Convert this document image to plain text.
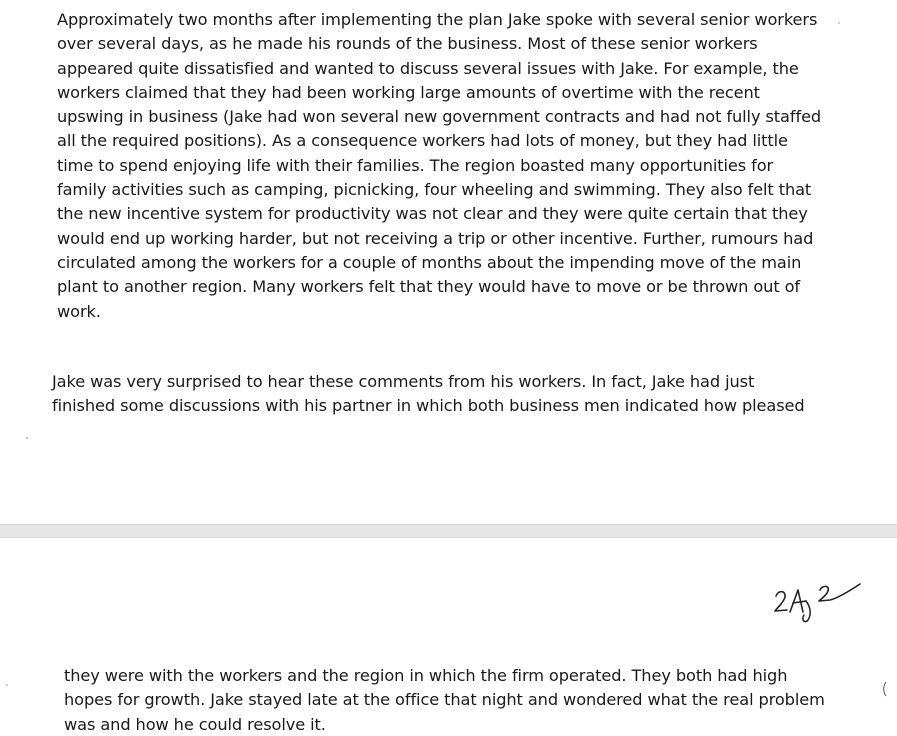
Approximately two months after implementing the plan Jake spoke with several senior workers
over several days, as he made his rounds of the business. Most of these senior workers
appeared quite dissatisfied and wanted to discuss several issues with Jake. For example, the
workers claimed that they had been working large amounts of overtime with the recent
upswing in business (Jake had won several new government contracts and had not fully staffed
all the required positions). As a consequence workers had lots of money, but they had little
time to spend enjoying life with their families. The region boasted many opportunities for
family activities such as camping, picnicking, four wheeling and swimming. They also felt that
the new incentive system for productivity was not clear and they were quite certain that they
would end up working harder, but not receiving a trip or other incentive. Further, rumours had
circulated among the workers for a couple of months about the impending move of the main
plant to another region. Many workers felt that they would have to move or be thrown out of
work.

Jake was very surprised to hear these comments from his workers. In fact, Jake had just
finished some discussions with his partner in which both business men indicated how pleased

they were with the workers and the region in which the firm operated. They both had high
hopes for growth. Jake stayed late at the office that night and wondered what the real problem
was and how he could resolve it.
